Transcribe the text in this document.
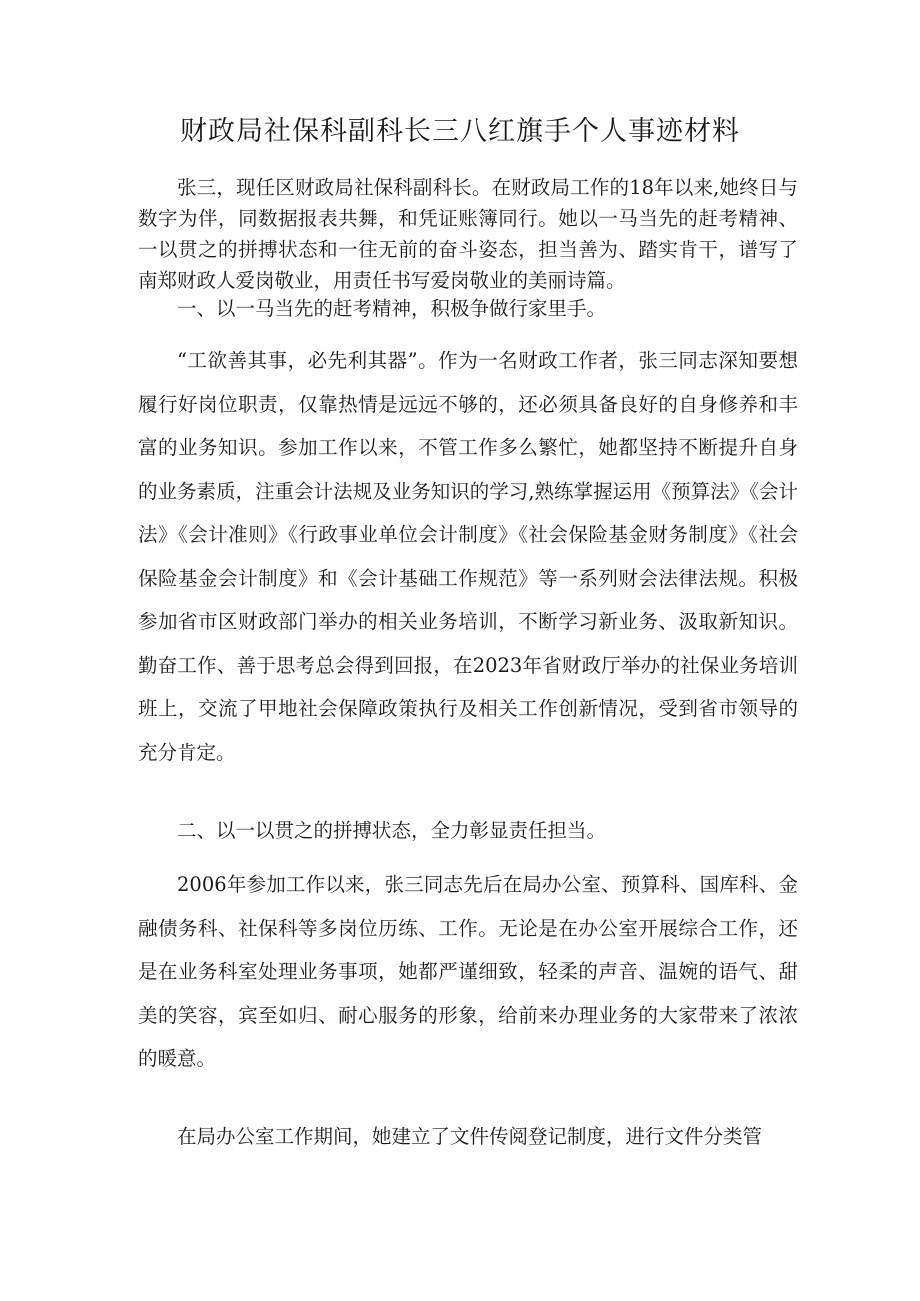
财政局社保科副科长三八红旗手个人事迹材料

张三，现任区财政局社保科副科长。在财政局工作的18年以来,她终日与数字为伴，同数据报表共舞，和凭证账簿同行。她以一马当先的赶考精神、一以贯之的拼搏状态和一往无前的奋斗姿态，担当善为、踏实肯干，谱写了南郑财政人爱岗敬业，用责任书写爱岗敬业的美丽诗篇。

一、以一马当先的赶考精神，积极争做行家里手。

“工欲善其事，必先利其器”。作为一名财政工作者，张三同志深知要想履行好岗位职责，仅靠热情是远远不够的，还必须具备良好的自身修养和丰富的业务知识。参加工作以来，不管工作多么繁忙，她都坚持不断提升自身的业务素质，注重会计法规及业务知识的学习,熟练掌握运用《预算法》《会计法》《会计准则》《行政事业单位会计制度》《社会保险基金财务制度》《社会保险基金会计制度》和《会计基础工作规范》等一系列财会法律法规。积极参加省市区财政部门举办的相关业务培训，不断学习新业务、汲取新知识。勤奋工作、善于思考总会得到回报，在2023年省财政厅举办的社保业务培训班上，交流了甲地社会保障政策执行及相关工作创新情况，受到省市领导的充分肯定。

二、以一以贯之的拼搏状态，全力彰显责任担当。

2006年参加工作以来，张三同志先后在局办公室、预算科、国库科、金融债务科、社保科等多岗位历练、工作。无论是在办公室开展综合工作，还是在业务科室处理业务事项，她都严谨细致，轻柔的声音、温婉的语气、甜美的笑容，宾至如归、耐心服务的形象，给前来办理业务的大家带来了浓浓的暖意。

在局办公室工作期间，她建立了文件传阅登记制度，进行文件分类管
